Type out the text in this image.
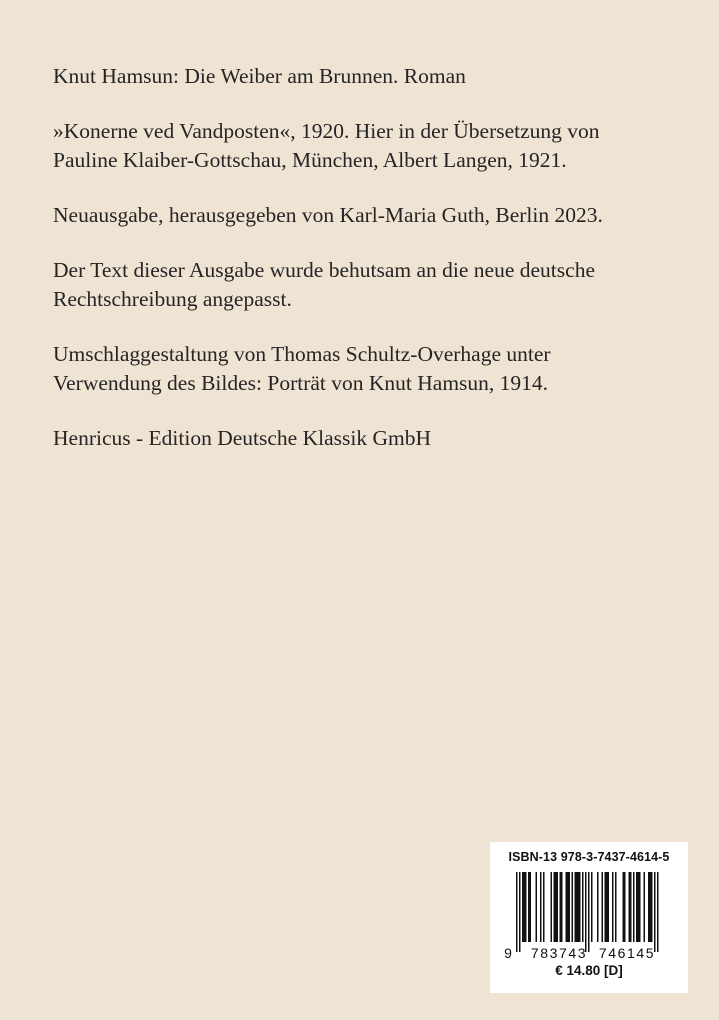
Knut Hamsun: Die Weiber am Brunnen. Roman

»Konerne ved Vandposten«, 1920. Hier in der Übersetzung von
Pauline Klaiber-Gottschau, München, Albert Langen, 1921.

Neuausgabe, herausgegeben von Karl-Maria Guth, Berlin 2023.

Der Text dieser Ausgabe wurde behutsam an die neue deutsche
Rechtschreibung angepasst.

Umschlaggestaltung von Thomas Schultz-Overhage unter
Verwendung des Bildes: Porträt von Knut Hamsun, 1914.

Henricus - Edition Deutsche Klassik GmbH

ISBN-13 978-3-7437-4614-5
9 783743 746145
€ 14.80 [D]
